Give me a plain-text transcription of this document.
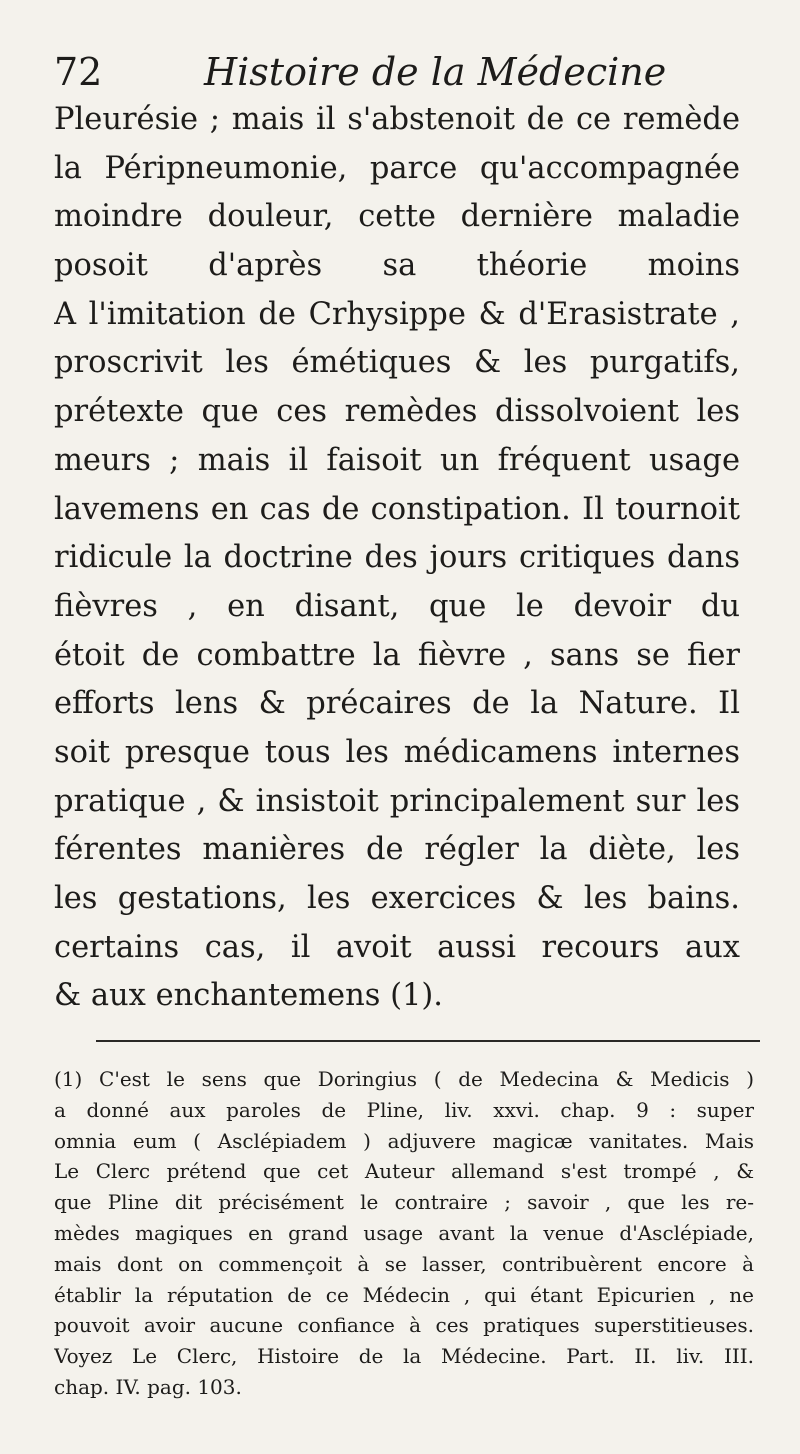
72	Histoire de la Médecine
Pleurésie ; mais il s'abstenoit de ce remède
la Péripneumonie, parce qu'accompagnée
moindre douleur, cette dernière maladie
posoit d'après sa théorie moins
A l'imitation de Crhysippe & d'Erasistrate ,
proscrivit les émétiques & les purgatifs,
prétexte que ces remèdes dissolvoient les
meurs ; mais il faisoit un fréquent usage
lavemens en cas de constipation. Il tournoit
ridicule la doctrine des jours critiques dans
fièvres , en disant, que le devoir du
étoit de combattre la fièvre , sans se fier
efforts lens & précaires de la Nature. Il
soit presque tous les médicamens internes
pratique , & insistoit principalement sur les
férentes manières de régler la diète, les
les gestations, les exercices & les bains.
certains cas, il avoit aussi recours aux
& aux enchantemens (1).
(1) C'est le sens que Doringius ( de Medecina & Medicis )
a donné aux paroles de Pline, liv. xxvi. chap. 9 : super
omnia eum ( Asclépiadem ) adjuvere magicæ vanitates. Mais
Le Clerc prétend que cet Auteur allemand s'est trompé , &
que Pline dit précisément le contraire ; savoir , que les re-
mèdes magiques en grand usage avant la venue d'Asclépiade,
mais dont on commençoit à se lasser, contribuèrent encore à
établir la réputation de ce Médecin , qui étant Epicurien , ne
pouvoit avoir aucune confiance à ces pratiques superstitieuses.
Voyez Le Clerc, Histoire de la Médecine. Part. II. liv. III.
chap. IV. pag. 103.
